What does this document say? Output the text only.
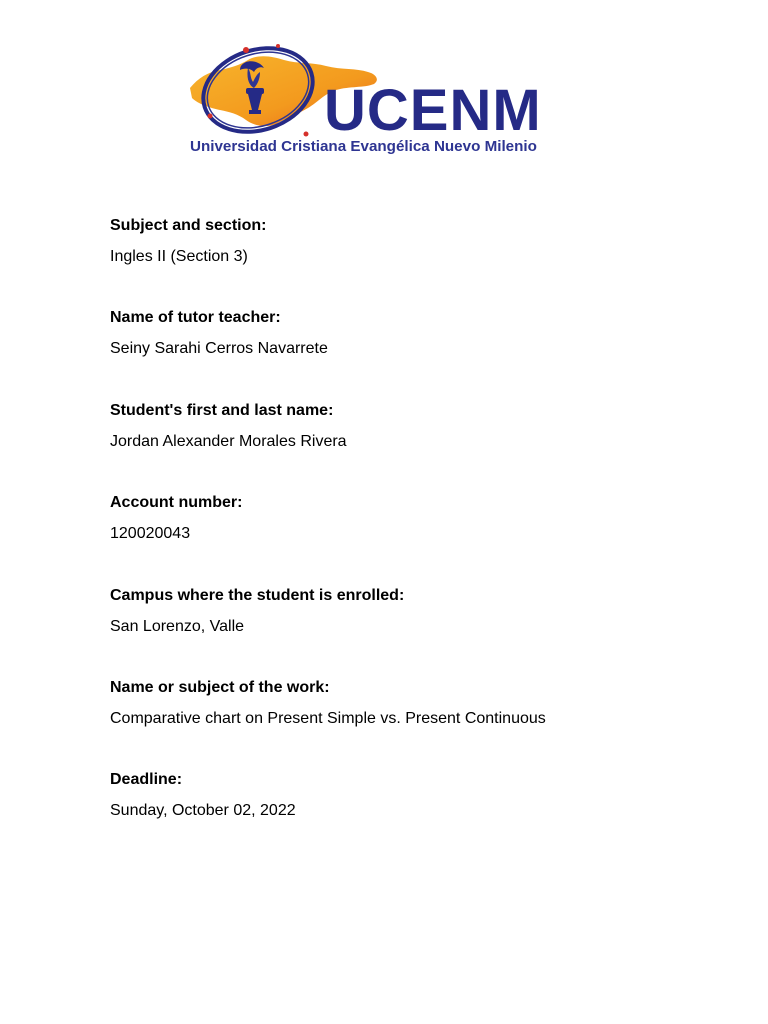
UCENM
Universidad Cristiana Evangélica Nuevo Milenio
Subject and section:
Ingles II (Section 3)
Name of tutor teacher:
Seiny Sarahi Cerros Navarrete
Student's first and last name:
Jordan Alexander Morales Rivera
Account number:
120020043
Campus where the student is enrolled:
San Lorenzo, Valle
Name or subject of the work:
Comparative chart on Present Simple vs. Present Continuous
Deadline:
Sunday, October 02, 2022
